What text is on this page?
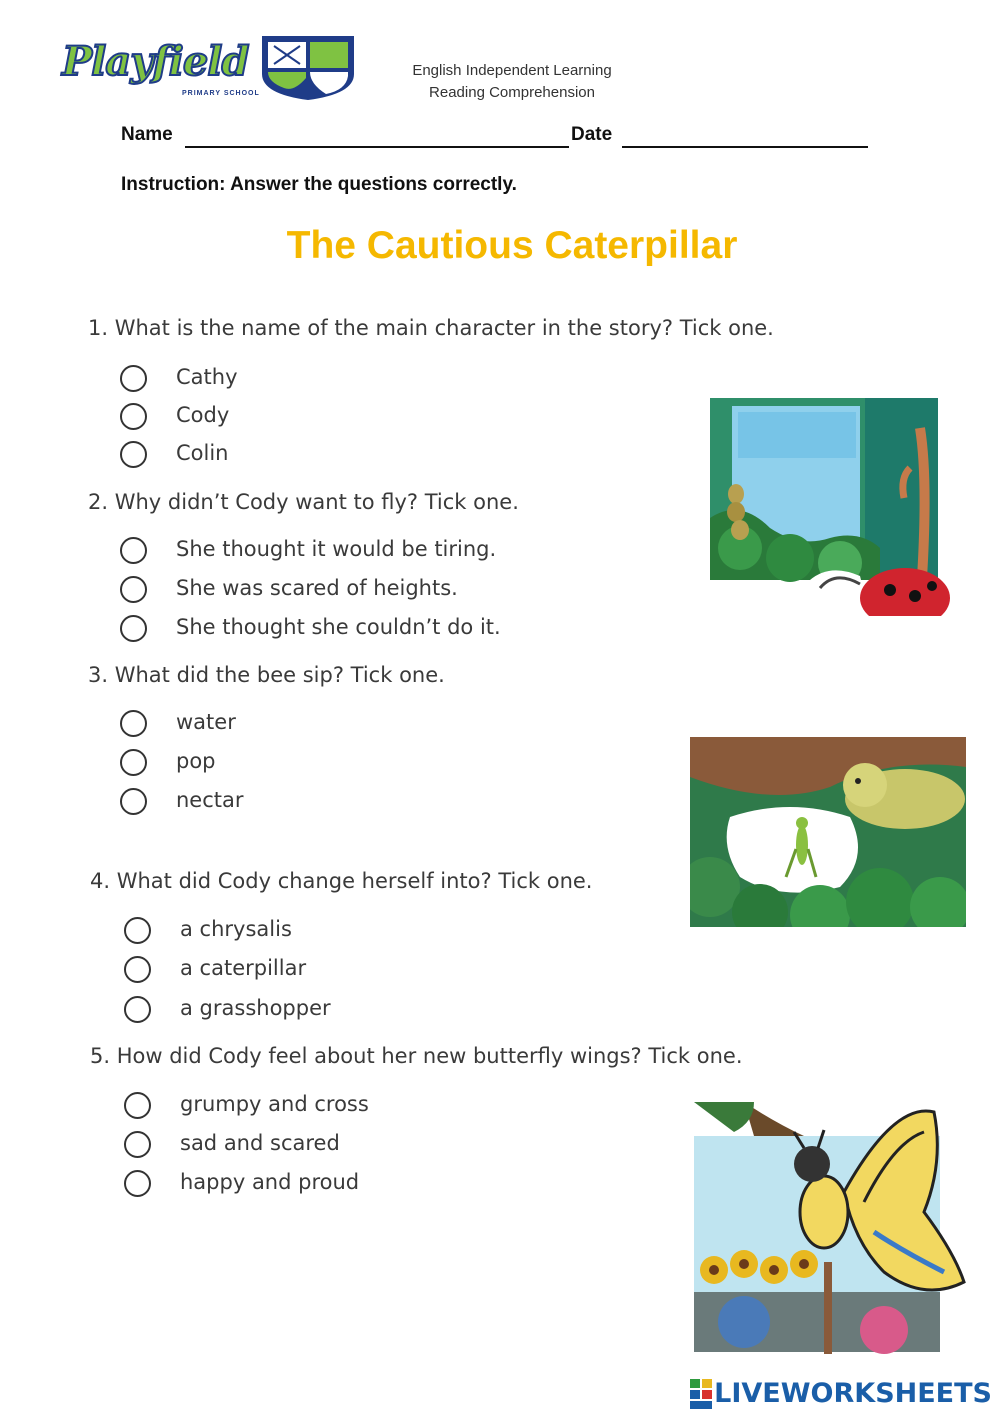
Playfield
PRIMARY SCHOOL
English Independent Learning
Reading Comprehension
Name	Date
Instruction: Answer the questions correctly.
The Cautious Caterpillar
1. What is the name of the main character in the story? Tick one.
Cathy
Cody
Colin
2. Why didn’t Cody want to fly? Tick one.
She thought it would be tiring.
She was scared of heights.
She thought she couldn’t do it.
3. What did the bee sip? Tick one.
water
pop
nectar
4. What did Cody change herself into? Tick one.
a chrysalis
a caterpillar
a grasshopper
5. How did Cody feel about her new butterfly wings? Tick one.
grumpy and cross
sad and scared
happy and proud
LIVEWORKSHEETS
